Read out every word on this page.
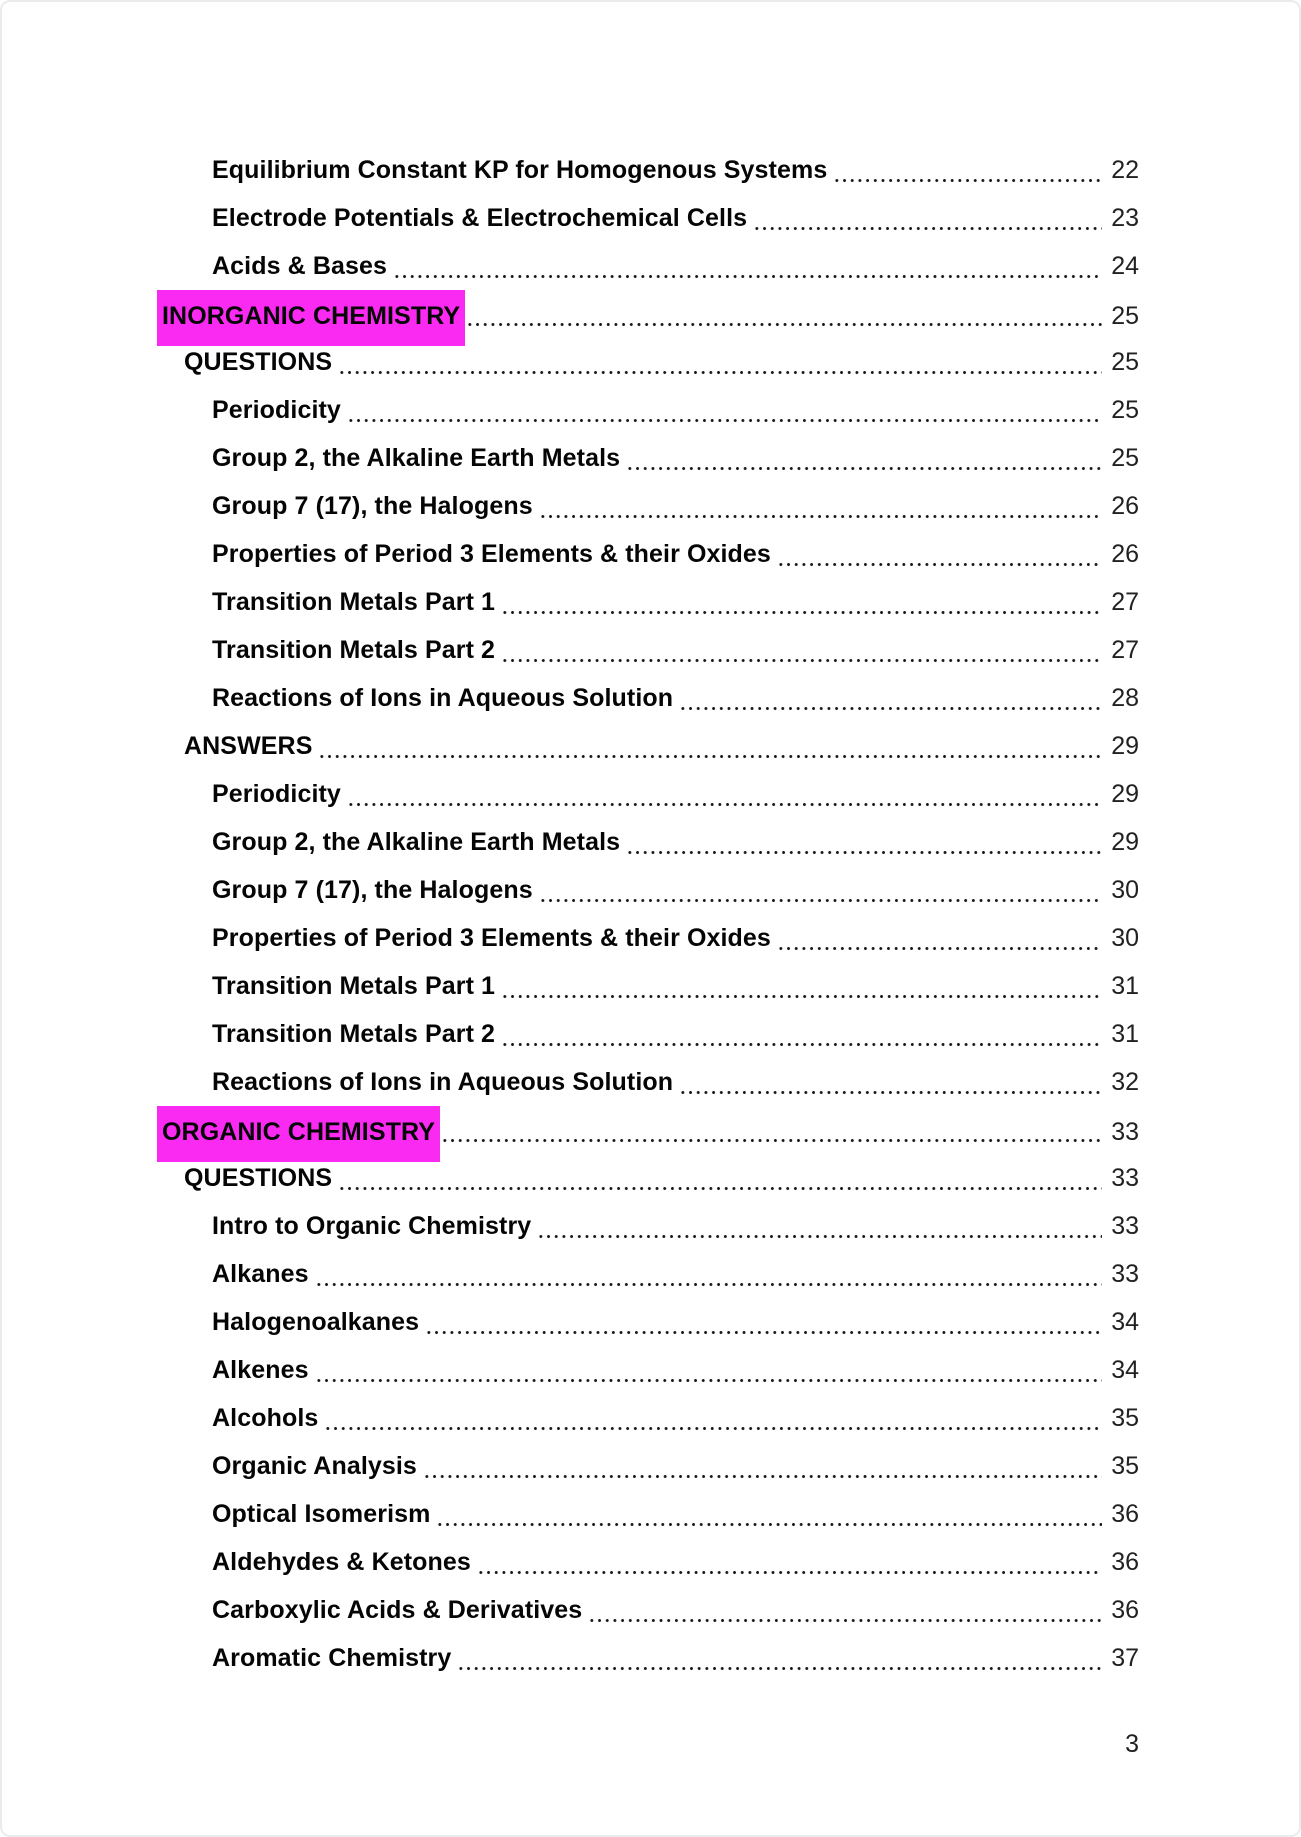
Equilibrium Constant KP for Homogenous Systems	22
Electrode Potentials & Electrochemical Cells	23
Acids & Bases	24
INORGANIC CHEMISTRY	25
QUESTIONS	25
Periodicity	25
Group 2, the Alkaline Earth Metals	25
Group 7 (17), the Halogens	26
Properties of Period 3 Elements & their Oxides	26
Transition Metals Part 1	27
Transition Metals Part 2	27
Reactions of Ions in Aqueous Solution	28
ANSWERS	29
Periodicity	29
Group 2, the Alkaline Earth Metals	29
Group 7 (17), the Halogens	30
Properties of Period 3 Elements & their Oxides	30
Transition Metals Part 1	31
Transition Metals Part 2	31
Reactions of Ions in Aqueous Solution	32
ORGANIC CHEMISTRY	33
QUESTIONS	33
Intro to Organic Chemistry	33
Alkanes	33
Halogenoalkanes	34
Alkenes	34
Alcohols	35
Organic Analysis	35
Optical Isomerism	36
Aldehydes & Ketones	36
Carboxylic Acids & Derivatives	36
Aromatic Chemistry	37
3
